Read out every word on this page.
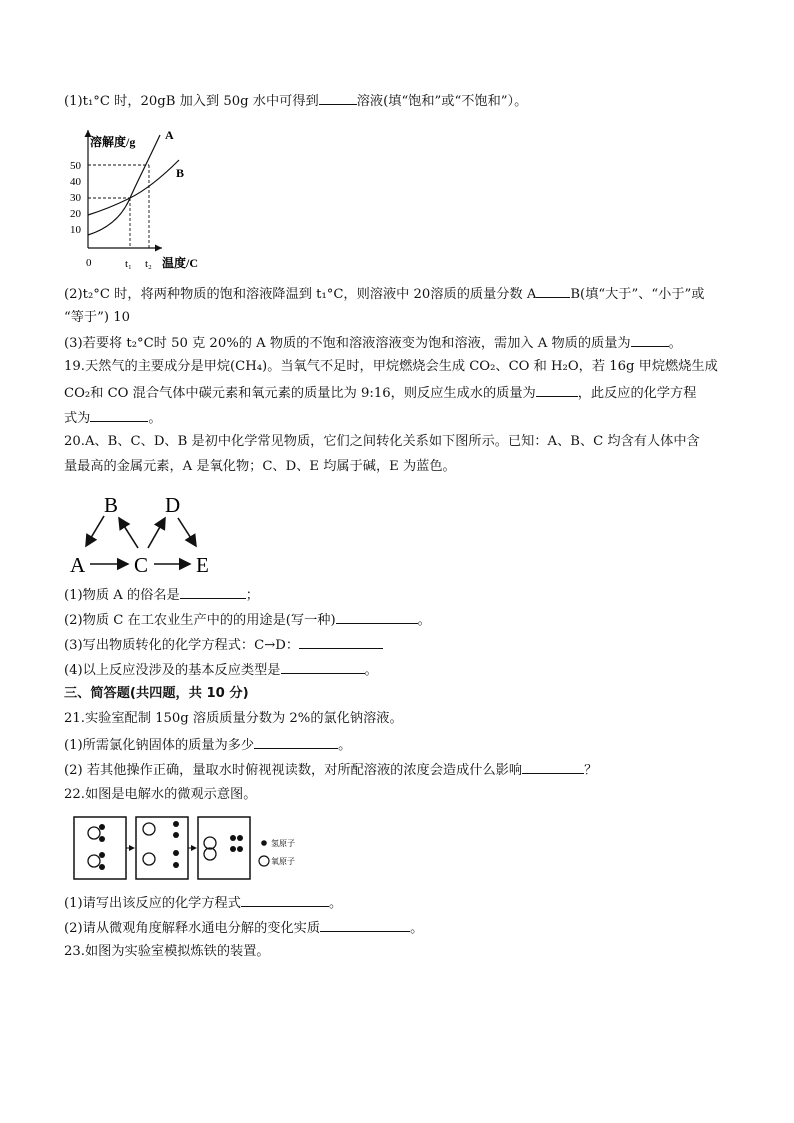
(1)t₁°C 时，20gB 加入到 50g 水中可得到	溶液(填“饱和”或“不饱和”）。
溶解度/g
50
40
30
20
10
A
B
0	t₁ t₂ 温度/C
(2)t₂°C 时，将两种物质的饱和溶液降温到 t₁°C，则溶液中 20溶质的质量分数 A	B(填“大于”、“小于”或
“等于”) 10
(3)若要将 t₂°C时 50 克 20%的 A 物质的不饱和溶液溶液变为饱和溶液，需加入 A 物质的质量为	。
19.天然气的主要成分是甲烷(CH₄)。当氧气不足时，甲烷燃烧会生成 CO₂、CO 和 H₂O，若 16g 甲烷燃烧生成
CO₂和 CO 混合气体中碳元素和氧元素的质量比为 9:16，则反应生成水的质量为	，此反应的化学方程
式为	。
20.A、B、C、D、B 是初中化学常见物质，它们之间转化关系如下图所示。已知：A、B、C 均含有人体中含
量最高的金属元素，A 是氧化物；C、D、E 均属于碱，E 为蓝色。
B D
A C E
(1)物质 A 的俗名是	；
(2)物质 C 在工农业生产中的的用途是(写一种)	。
(3)写出物质转化的化学方程式：C→D：
(4)以上反应没涉及的基本反应类型是	。
三、简答题(共四题，共 10 分)
21.实验室配制 150g 溶质质量分数为 2%的氯化钠溶液。
(1)所需氯化钠固体的质量为多少	。
(2) 若其他操作正确，量取水时俯视视读数，对所配溶液的浓度会造成什么影响	？
22.如图是电解水的微观示意图。
氢原子
氧原子
(1)请写出该反应的化学方程式	。
(2)请从微观角度解释水通电分解的变化实质	。
23.如图为实验室模拟炼铁的装置。
